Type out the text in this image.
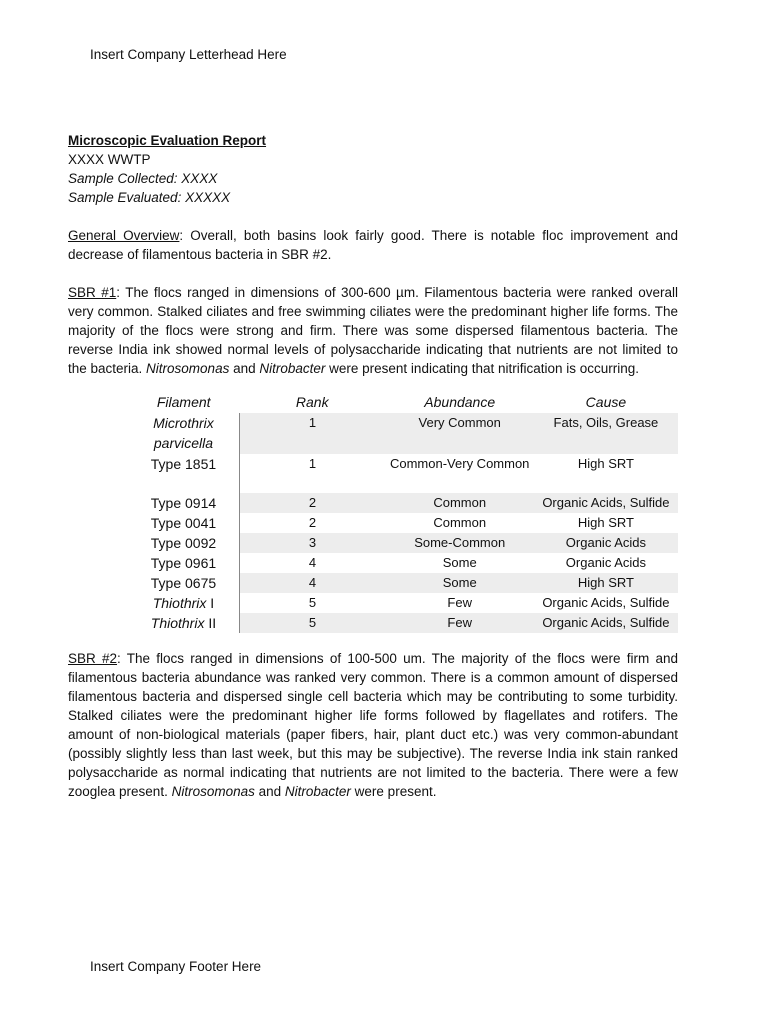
Insert Company Letterhead Here
Microscopic Evaluation Report
XXXX WWTP
Sample Collected: XXXX
Sample Evaluated: XXXXX

General Overview: Overall, both basins look fairly good. There is notable floc improvement and decrease of filamentous bacteria in SBR #2.

SBR #1: The flocs ranged in dimensions of 300-600 µm. Filamentous bacteria were ranked overall very common. Stalked ciliates and free swimming ciliates were the predominant higher life forms. The majority of the flocs were strong and firm. There was some dispersed filamentous bacteria. The reverse India ink showed normal levels of polysaccharide indicating that nutrients are not limited to the bacteria. Nitrosomonas and Nitrobacter were present indicating that nitrification is occurring.

Filament	Rank	Abundance	Cause
Microthrix parvicella	1	Very Common	Fats, Oils, Grease
Type 1851	1	Common-Very Common	High SRT
Type 0914	2	Common	Organic Acids, Sulfide
Type 0041	2	Common	High SRT
Type 0092	3	Some-Common	Organic Acids
Type 0961	4	Some	Organic Acids
Type 0675	4	Some	High SRT
Thiothrix I	5	Few	Organic Acids, Sulfide
Thiothrix II	5	Few	Organic Acids, Sulfide

SBR #2: The flocs ranged in dimensions of 100-500 um. The majority of the flocs were firm and filamentous bacteria abundance was ranked very common. There is a common amount of dispersed filamentous bacteria and dispersed single cell bacteria which may be contributing to some turbidity. Stalked ciliates were the predominant higher life forms followed by flagellates and rotifers. The amount of non-biological materials (paper fibers, hair, plant duct etc.) was very common-abundant (possibly slightly less than last week, but this may be subjective). The reverse India ink stain ranked polysaccharide as normal indicating that nutrients are not limited to the bacteria. There were a few zooglea present. Nitrosomonas and Nitrobacter were present.

Insert Company Footer Here
